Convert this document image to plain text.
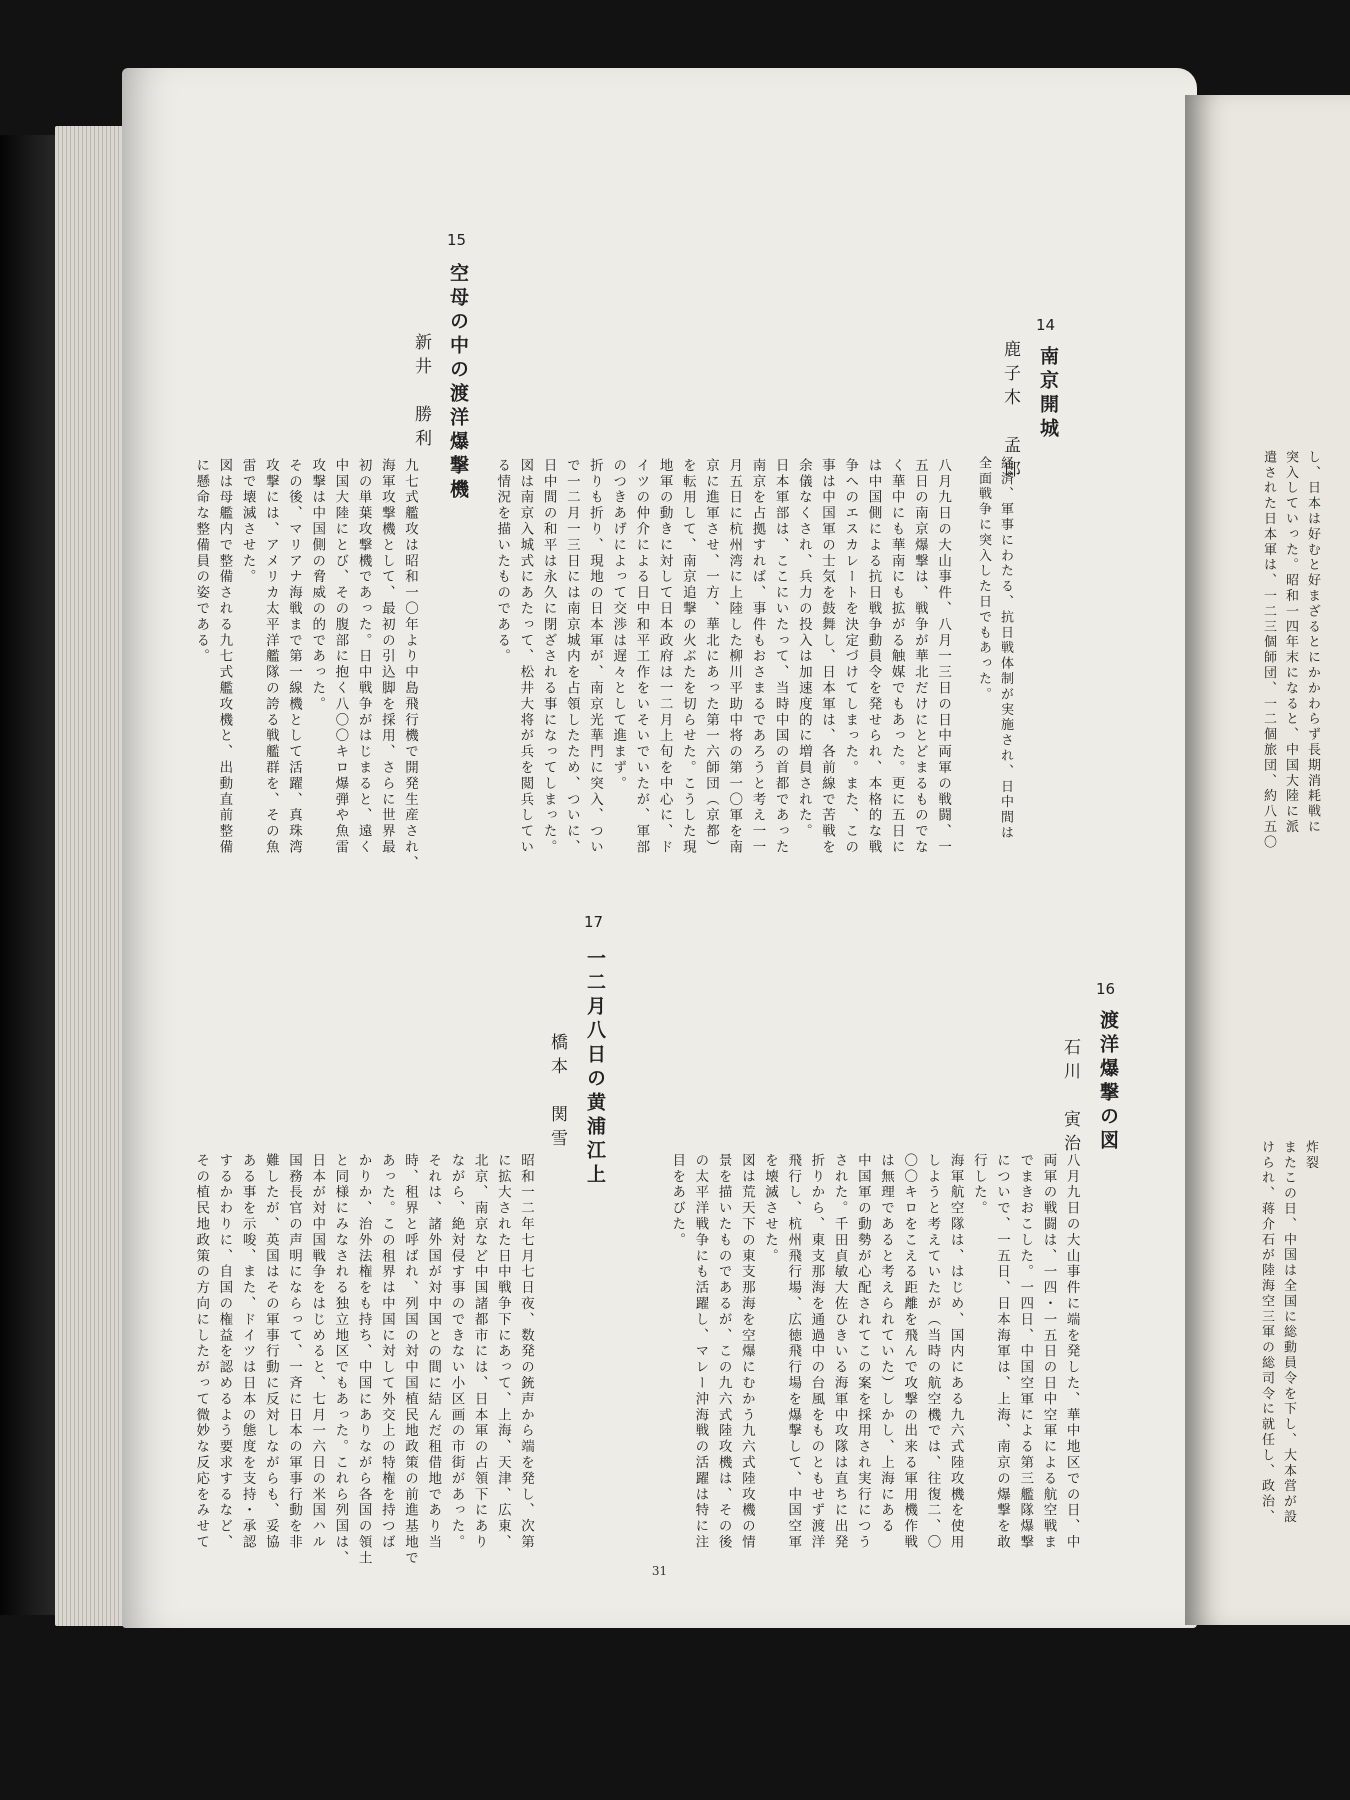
経済、軍事にわたる、抗日戦体制が実施され、日中間は
全面戦争に突入した日でもあった。
14
南京開城
鹿子木　孟郎
八月九日の大山事件、八月一三日の日中両軍の戦闘、一
五日の南京爆撃は、戦争が華北だけにとどまるものでな
く華中にも華南にも拡がる触媒でもあった。更に五日に
は中国側による抗日戦争動員令を発せられ、本格的な戦
争へのエスカレートを決定づけてしまった。また、この
事は中国軍の士気を鼓舞し、日本軍は、各前線で苦戦を
余儀なくされ、兵力の投入は加速度的に増員された。
日本軍部は、ここにいたって、当時中国の首都であった
南京を占拠すれば、事件もおさまるであろうと考え一一
月五日に杭州湾に上陸した柳川平助中将の第一〇軍を南
京に進軍させ、一方、華北にあった第一六師団（京都）
を転用して、南京追撃の火ぶたを切らせた。こうした現
地軍の動きに対して日本政府は一二月上旬を中心に、ド
イツの仲介による日中和平工作をいそいでいたが、軍部
のつきあげによって交渉は遅々として進まず。
折りも折り、現地の日本軍が、南京光華門に突入、つい
で一二月一三日には南京城内を占領したため、ついに、
日中間の和平は永久に閉ざされる事になってしまった。
図は南京入城式にあたって、松井大将が兵を閲兵してい
る情況を描いたものである。
15
空母の中の渡洋爆撃機
新井　勝利
九七式艦攻は昭和一〇年より中島飛行機で開発生産され、
海軍攻撃機として、最初の引込脚を採用、さらに世界最
初の単葉攻撃機であった。日中戦争がはじまると、遠く
中国大陸にとび、その腹部に抱く八〇〇キロ爆弾や魚雷
攻撃は中国側の脅威の的であった。
その後、マリアナ海戦まで第一線機として活躍、真珠湾
攻撃には、アメリカ太平洋艦隊の誇る戦艦群を、その魚
雷で壊滅させた。
図は母艦内で整備される九七式艦攻機と、出動直前整備
に懸命な整備員の姿である。
16
渡洋爆撃の図
石川　寅治
八月九日の大山事件に端を発した、華中地区での日、中
両軍の戦闘は、一四・一五日の日中空軍による航空戦ま
でまきおこした。一四日、中国空軍による第三艦隊爆撃
についで、一五日、日本海軍は、上海、南京の爆撃を敢
行した。
海軍航空隊は、はじめ、国内にある九六式陸攻機を使用
しようと考えていたが（当時の航空機では、往復二、〇
〇〇キロをこえる距離を飛んで攻撃の出来る軍用機作戦
は無理であると考えられていた）しかし、上海にある
中国軍の動勢が心配されてこの案を採用され実行につう
された。千田貞敏大佐ひきいる海軍中攻隊は直ちに出発
折りから、東支那海を通過中の台風をものともせず渡洋
飛行し、杭州飛行場、広徳飛行場を爆撃して、中国空軍
を壊滅させた。
図は荒天下の東支那海を空爆にむかう九六式陸攻機の情
景を描いたものであるが、この九六式陸攻機は、その後
の太平洋戦争にも活躍し、マレー沖海戦の活躍は特に注
目をあびた。
17
一二月八日の黄浦江上
橋本　関雪
昭和一二年七月七日夜、数発の銃声から端を発し、次第
に拡大された日中戦争下にあって、上海、天津、広東、
北京、南京など中国諸都市には、日本軍の占領下にあり
ながら、絶対侵す事のできない小区画の市街があった。
それは、諸外国が対中国との間に結んだ租借地であり当
時、租界と呼ばれ、列国の対中国植民地政策の前進基地で
あった。この租界は中国に対して外交上の特権を持つば
かりか、治外法権をも持ち、中国にありながら各国の領土
と同様にみなされる独立地区でもあった。これら列国は、
日本が対中国戦争をはじめると、七月一六日の米国ハル
国務長官の声明にならって、一斉に日本の軍事行動を非
難したが、英国はその軍事行動に反対しながらも、妥協
ある事を示唆、また、ドイツは日本の態度を支持・承認
するかわりに、自国の権益を認めるよう要求するなど、
その植民地政策の方向にしたがって微妙な反応をみせて
31
し、日本は好むと好まざるとにかかわらず長期消耗戦に
突入していった。昭和一四年末になると、中国大陸に派
遣された日本軍は、一二三個師団、一二個旅団、約八五〇
炸裂
またこの日、中国は全国に総動員令を下し、大本営が設
けられ、蒋介石が陸海空三軍の総司令に就任し、政治、
